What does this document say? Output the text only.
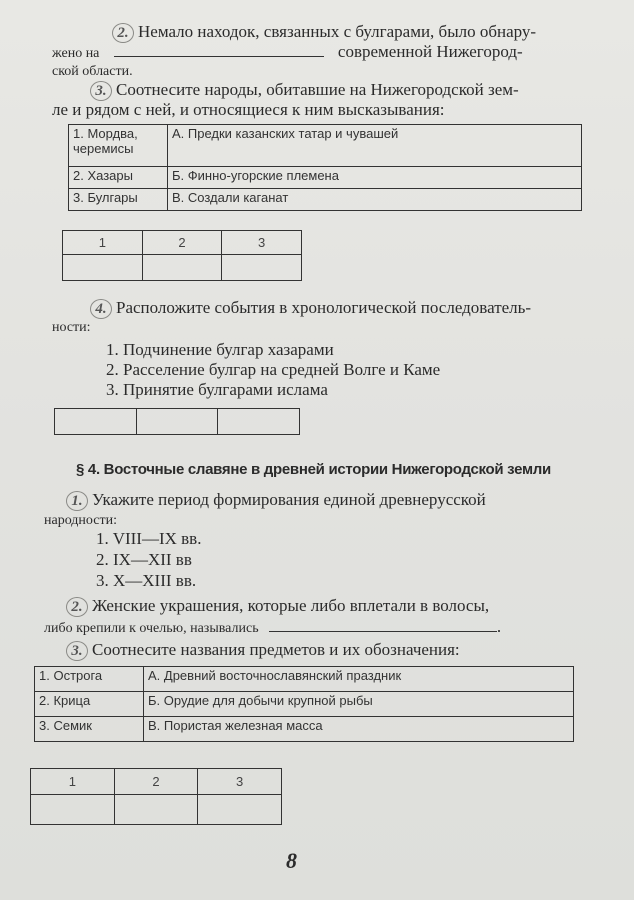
2. Немало находок, связанных с булгарами, было обнару-
жено на	современной Нижегород-
ской области.
3. Соотнесите народы, обитавшие на Нижегородской зем-
ле и рядом с ней, и относящиеся к ним высказывания:
1. Мордва, черемисы	А. Предки казанских татар и чувашей
2. Хазары	Б. Финно-угорские племена
3. Булгары	В. Создали каганат
1	2	3

4. Расположите события в хронологической последователь-
ности:
1. Подчинение булгар хазарами
2. Расселение булгар на средней Волге и Каме
3. Принятие булгарами ислама

§ 4. Восточные славяне в древней истории Нижегородской земли
1. Укажите период формирования единой древнерусской
народности:
1. VIII—IX вв.
2. IX—XII вв
3. X—XIII вв.
2. Женские украшения, которые либо вплетали в волосы,
либо крепили к очелью, назывались	.
3. Соотнесите названия предметов и их обозначения:
1. Острога	А. Древний восточнославянский праздник
2. Крица	Б. Орудие для добычи крупной рыбы
3. Семик	В. Пористая железная масса
1	2	3

8
